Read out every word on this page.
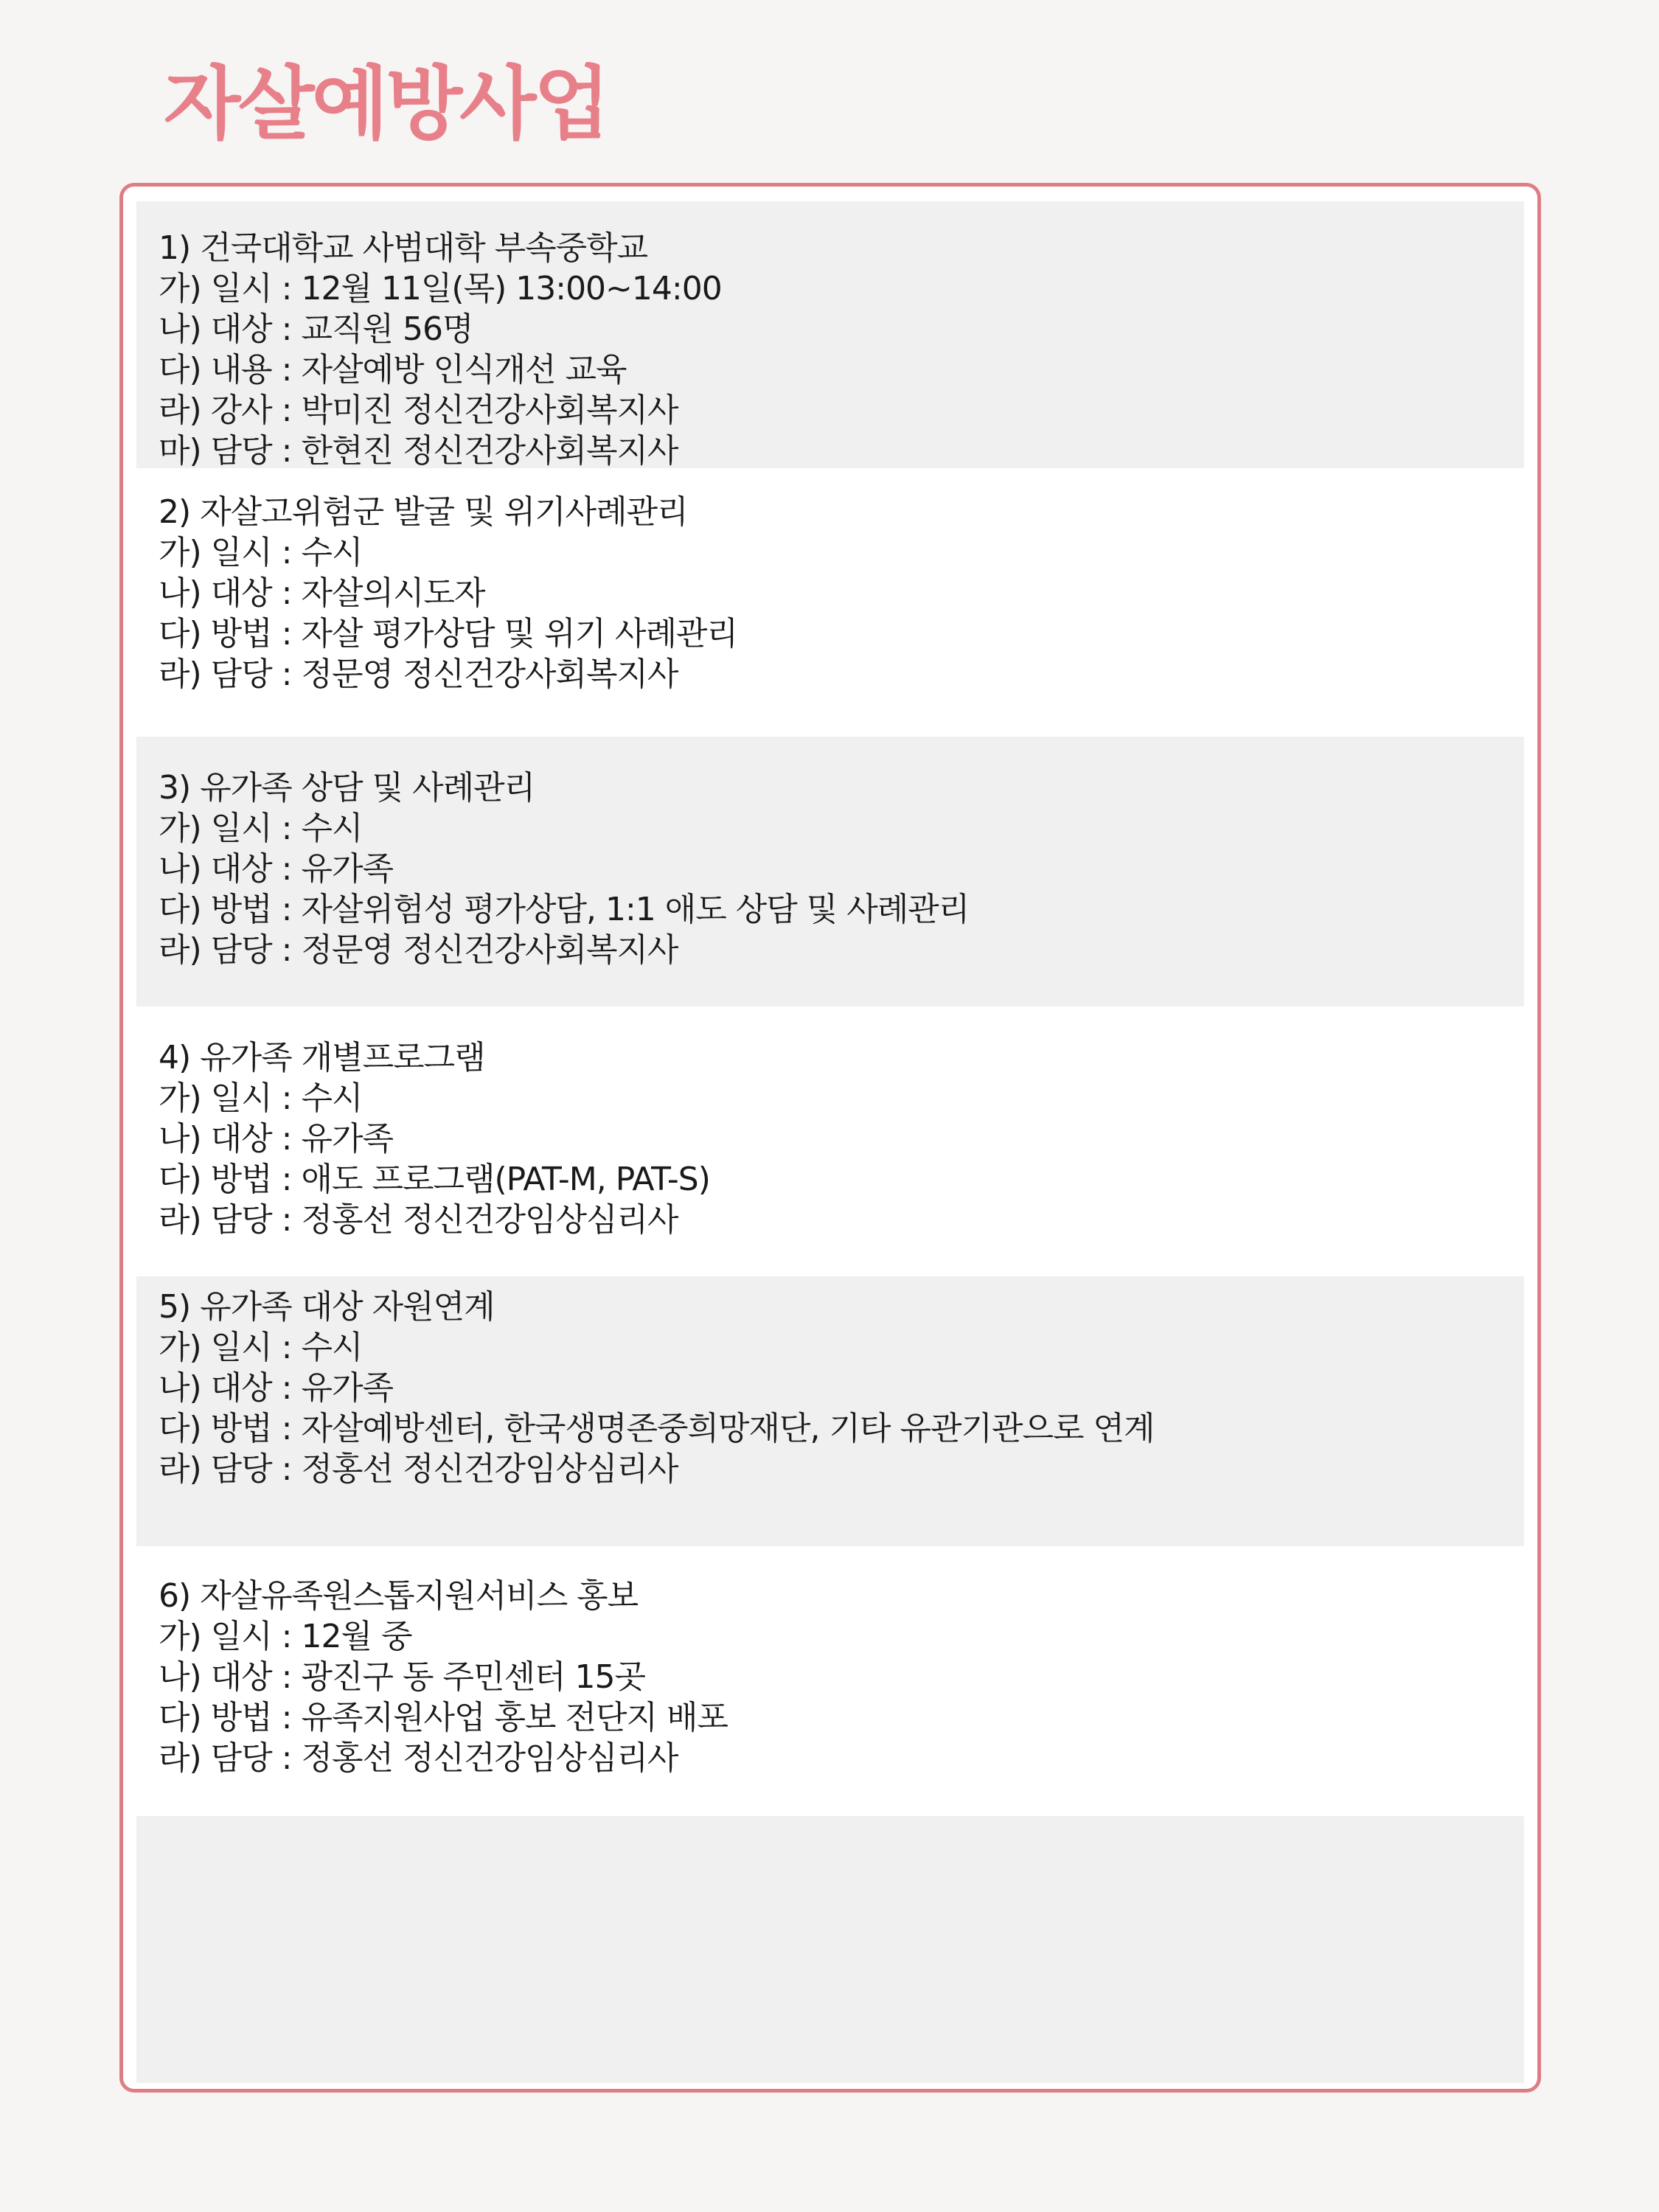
자살예방사업
1) 건국대학교 사범대학 부속중학교
가) 일시 : 12월 11일(목) 13:00~14:00
나) 대상 : 교직원 56명
다) 내용 : 자살예방 인식개선 교육
라) 강사 : 박미진 정신건강사회복지사
마) 담당 : 한현진 정신건강사회복지사
2) 자살고위험군 발굴 및 위기사례관리
가) 일시 : 수시
나) 대상 : 자살의시도자
다) 방법 : 자살 평가상담 및 위기 사례관리
라) 담당 : 정문영 정신건강사회복지사
3) 유가족 상담 및 사례관리
가) 일시 : 수시
나) 대상 : 유가족
다) 방법 : 자살위험성 평가상담, 1:1 애도 상담 및 사례관리
라) 담당 : 정문영 정신건강사회복지사
4) 유가족 개별프로그램
가) 일시 : 수시
나) 대상 : 유가족
다) 방법 : 애도 프로그램(PAT-M, PAT-S)
라) 담당 : 정홍선 정신건강임상심리사
5) 유가족 대상 자원연계
가) 일시 : 수시
나) 대상 : 유가족
다) 방법 : 자살예방센터, 한국생명존중희망재단, 기타 유관기관으로 연계
라) 담당 : 정홍선 정신건강임상심리사
6) 자살유족원스톱지원서비스 홍보
가) 일시 : 12월 중
나) 대상 : 광진구 동 주민센터 15곳
다) 방법 : 유족지원사업 홍보 전단지 배포
라) 담당 : 정홍선 정신건강임상심리사
